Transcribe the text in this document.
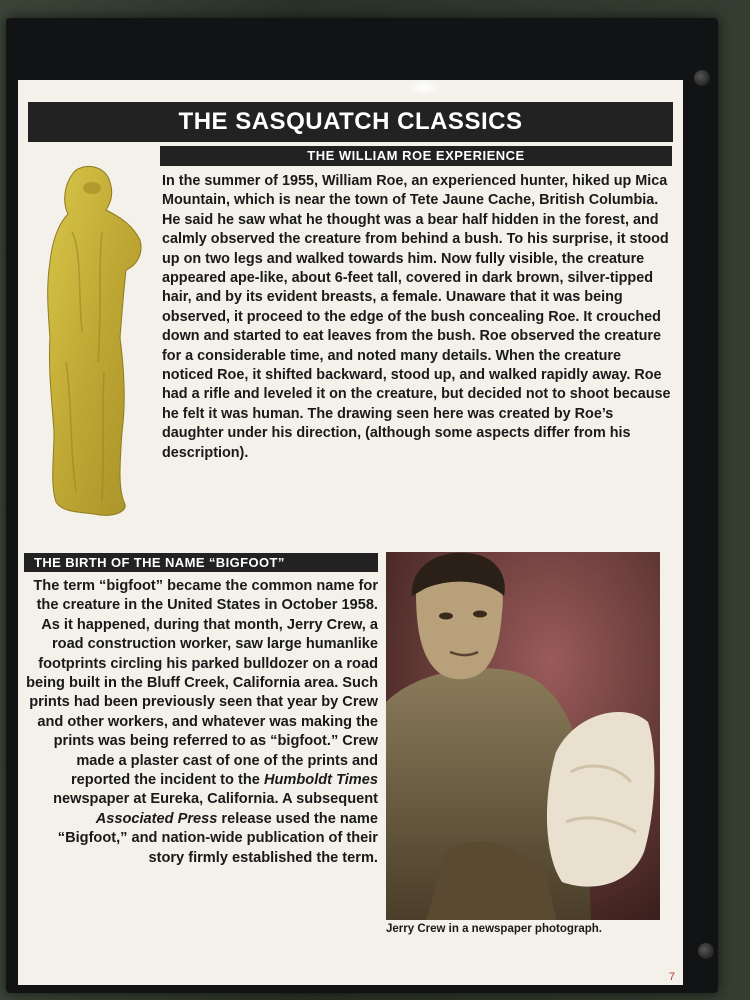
THE SASQUATCH CLASSICS
THE WILLIAM ROE EXPERIENCE

In the summer of 1955, William Roe, an experienced hunter, hiked up Mica Mountain, which is near the town of Tete Jaune Cache, British Columbia. He said he saw what he thought was a bear half hidden in the forest, and calmly observed the creature from behind a bush. To his surprise, it stood up on two legs and walked towards him. Now fully visible, the creature appeared ape-like, about 6-feet tall, covered in dark brown, silver-tipped hair, and by its evident breasts, a female. Unaware that it was being observed, it proceed to the edge of the bush concealing Roe. It crouched down and started to eat leaves from the bush. Roe observed the creature for a considerable time, and noted many details. When the creature noticed Roe, it shifted backward, stood up, and walked rapidly away. Roe had a rifle and leveled it on the creature, but decided not to shoot because he felt it was human. The drawing seen here was created by Roe’s daughter under his direction, (although some aspects differ from his description).

THE BIRTH OF THE NAME “BIGFOOT”

The term “bigfoot” became the common name for the creature in the United States in October 1958. As it happened, during that month, Jerry Crew, a road construction worker, saw large humanlike footprints circling his parked bulldozer on a road being built in the Bluff Creek, California area. Such prints had been previously seen that year by Crew and other workers, and whatever was making the prints was being referred to as “bigfoot.” Crew made a plaster cast of one of the prints and reported the incident to the Humboldt Times newspaper at Eureka, California. A subsequent Associated Press release used the name “Bigfoot,” and nation-wide publication of their story firmly established the term.

Jerry Crew in a newspaper photograph.
7
